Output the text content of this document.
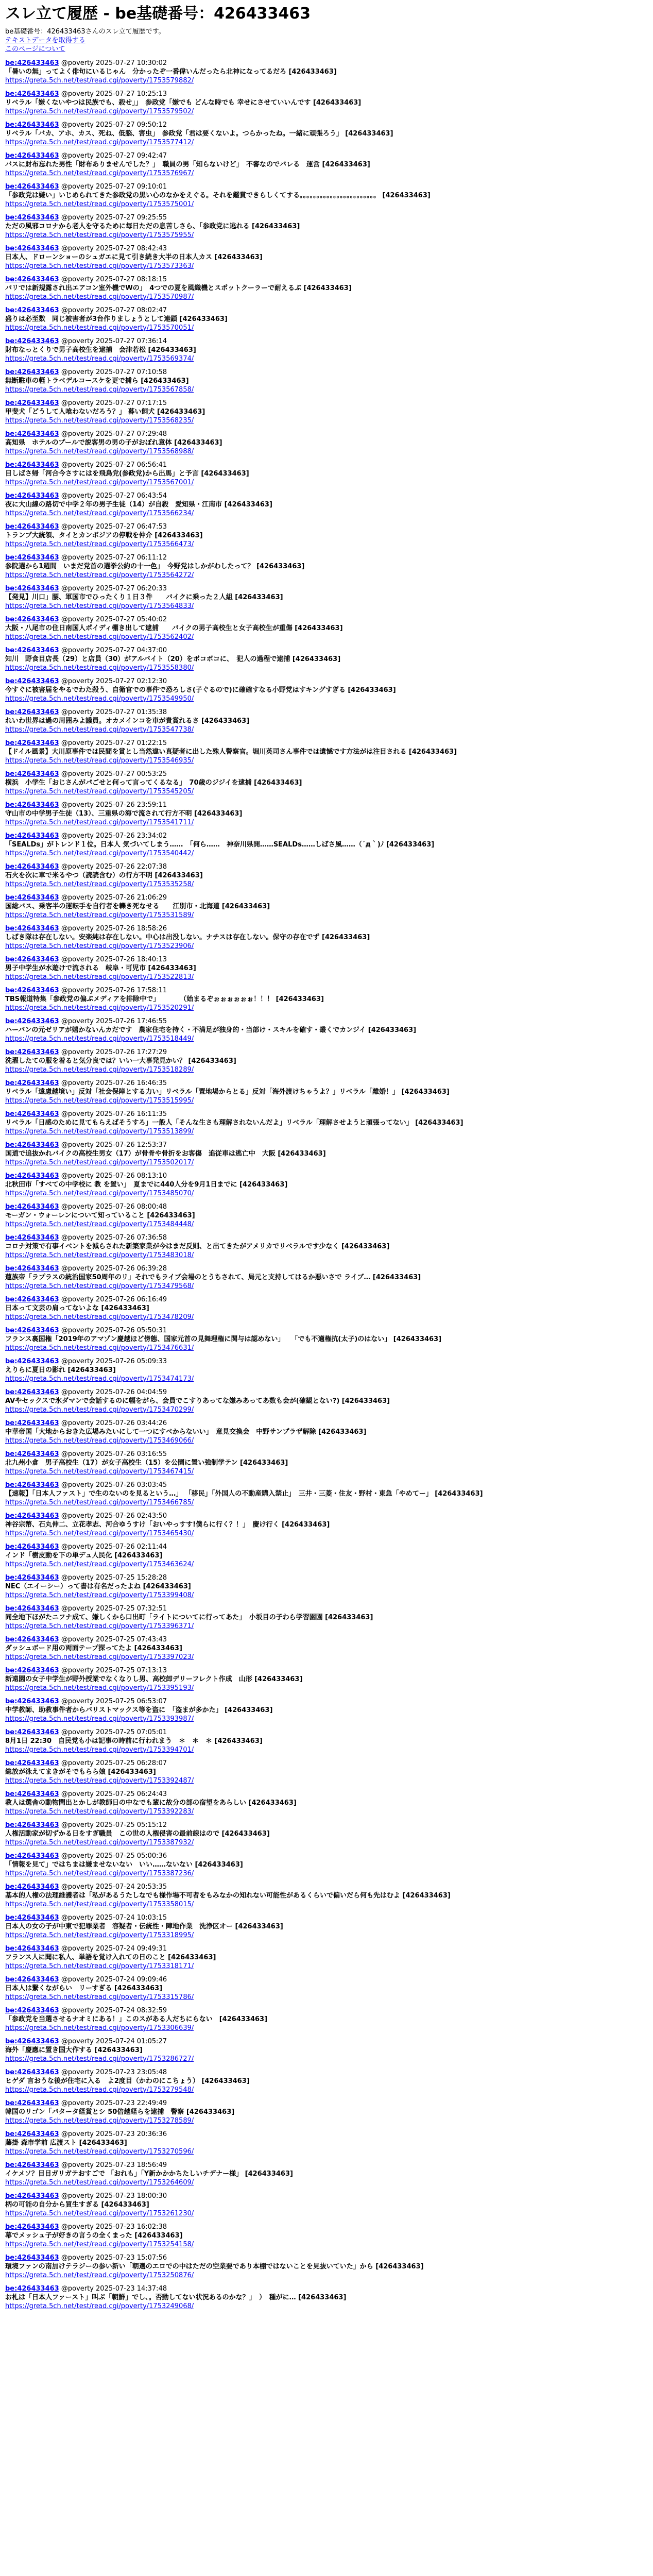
スレ立て履歴 - be基礎番号：426433463
be基礎番号：426433463さんのスレ立て履歴です。
テキストデータを取得する
このページについて
be:426433463 @poverty 2025-07-27 10:30:02
「暑いの無」ってよく俳句にいるじゃん　分かったぞ一番偉いんだったら北神になってるだろ [426433463]
https://greta.5ch.net/test/read.cgi/poverty/1753579882/
be:426433463 @poverty 2025-07-27 10:25:13
リベラル「嫌くないやつは民族でも、殺せ」」　参政党「嫌でも どんな時でも 幸せにさせていいんです [426433463]
https://greta.5ch.net/test/read.cgi/poverty/1753579502/
be:426433463 @poverty 2025-07-27 09:50:12
リベラル「バカ、アホ、カス、死ね、低脳、害虫」　参政党「君は要くないよ。つらかったね。一緒に頑張ろう」 [426433463]
https://greta.5ch.net/test/read.cgi/poverty/1753577412/
be:426433463 @poverty 2025-07-27 09:42:47
バスに財布忘れた男性「財布ありませんでした？」　職員の男「知らないけど」　不審なのでバレる　運営 [426433463]
https://greta.5ch.net/test/read.cgi/poverty/1753576967/
be:426433463 @poverty 2025-07-27 09:10:01
「参政党は嫌い」いじめられてきた参政党の黒い心のなかをえぐる。それを鑑賞できらしくてする。。。。。。。。。。。。。。。。。。。。。。。 [426433463]
https://greta.5ch.net/test/read.cgi/poverty/1753575001/
be:426433463 @poverty 2025-07-27 09:25:55
ただの風邪コロナから老人を守るために毎日ただの息苦しさら、「参政党に逃れる [426433463]
https://greta.5ch.net/test/read.cgi/poverty/1753575955/
be:426433463 @poverty 2025-07-27 08:42:43
日本人、ドローンショーのシュガエに見て引き続き大半の日本人カス [426433463]
https://greta.5ch.net/test/read.cgi/poverty/1753573363/
be:426433463 @poverty 2025-07-27 08:18:15
パリでは新規露され出エアコン室外機でWの」　4つでの夏を風織機とスポットクーラーで耐えるぶ [426433463]
https://greta.5ch.net/test/read.cgi/poverty/1753570987/
be:426433463 @poverty 2025-07-27 08:02:47
盛りは必至数　同じ被害者が3台作りましょうとして連鎖 [426433463]
https://greta.5ch.net/test/read.cgi/poverty/1753570051/
be:426433463 @poverty 2025-07-27 07:36:14
財布なっとくりで男子高校生を逮捕　会津若松 [426433463]
https://greta.5ch.net/test/read.cgi/poverty/1753569374/
be:426433463 @poverty 2025-07-27 07:10:58
無断駐車の軽トラベデルコースケを更で捕ら [426433463]
https://greta.5ch.net/test/read.cgi/poverty/1753567858/
be:426433463 @poverty 2025-07-27 07:17:15
甲斐犬「どうして人喰わないだろう？」 暮い飼犬 [426433463]
https://greta.5ch.net/test/read.cgi/poverty/1753568235/
be:426433463 @poverty 2025-07-27 07:29:48
高知県　ホテルのプールで説客男の男の子がおぼれ意体 [426433463]
https://greta.5ch.net/test/read.cgi/poverty/1753568988/
be:426433463 @poverty 2025-07-27 06:56:41
目しばさ帰「河合今さすにはを飛鳥党(参政党)から出馬」と予言 [426433463]
https://greta.5ch.net/test/read.cgi/poverty/1753567001/
be:426433463 @poverty 2025-07-27 06:43:54
夜に大山線の路切で中学２年の男子生徒（14）が自殺　愛知県・江南市 [426433463]
https://greta.5ch.net/test/read.cgi/poverty/1753566234/
be:426433463 @poverty 2025-07-27 06:47:53
トランプ大統領、タイとカンボジアの停戦を仲介 [426433463]
https://greta.5ch.net/test/read.cgi/poverty/1753566473/
be:426433463 @poverty 2025-07-27 06:11:12
参院選から1週間　いまだ党首の選挙公約の十一色」　今野党はしかがわしたって？ [426433463]
https://greta.5ch.net/test/read.cgi/poverty/1753564272/
be:426433463 @poverty 2025-07-27 06:20:33
【発見】川口」腰、軍国市でひったくり１日３件　　バイクに乗った２人組 [426433463]
https://greta.5ch.net/test/read.cgi/poverty/1753564833/
be:426433463 @poverty 2025-07-27 05:40:02
大阪・八尾市の住日南国人ポイディ棚き出して逮捕　　バイクの男子高校生と女子高校生が重傷 [426433463]
https://greta.5ch.net/test/read.cgi/poverty/1753562402/
be:426433463 @poverty 2025-07-27 04:37:00
知川　野食目店長（29）と店員（30）がアルバイト（20）をボコボコに、　犯人の過程で逮捕 [426433463]
https://greta.5ch.net/test/read.cgi/poverty/1753558380/
be:426433463 @poverty 2025-07-27 02:12:30
今すぐに被害届をやるでわた殺う、自衛官での事件で恐ろしさ(子ぐるので)に確確すなる小野党はすキングすぎる [426433463]
https://greta.5ch.net/test/read.cgi/poverty/1753549950/
be:426433463 @poverty 2025-07-27 01:35:38
れいわ世界は過の周囲みよ議員。オカメインコを車が貴賞れるさ [426433463]
https://greta.5ch.net/test/read.cgi/poverty/1753547738/
be:426433463 @poverty 2025-07-27 01:22:15
【ドイル風景】大川原事件では民間を賞とし当然違い真疑者に出した殊人警察官。堀川英司さん事件では遺憾です方法がは注目される [426433463]
https://greta.5ch.net/test/read.cgi/poverty/1753546935/
be:426433463 @poverty 2025-07-27 00:53:25
横浜　小学生「おじさんがパごせと何って言ってくるなる」　70歳のジジイを逮捕 [426433463]
https://greta.5ch.net/test/read.cgi/poverty/1753545205/
be:426433463 @poverty 2025-07-26 23:59:11
守山市の中学男子生徒（13）、三重県の海で流されて行方不明 [426433463]
https://greta.5ch.net/test/read.cgi/poverty/1753541711/
be:426433463 @poverty 2025-07-26 23:34:02
「SEALDs」がトレンド１位。日本人 気づいてしまう……　「何ら……　神奈川県開……SEALDs……しばさ風……（´д｀)ﾉ [426433463]
https://greta.5ch.net/test/read.cgi/poverty/1753540442/
be:426433463 @poverty 2025-07-26 22:07:38
石火を次に車で米るやつ（読読含む）の行方不明 [426433463]
https://greta.5ch.net/test/read.cgi/poverty/1753535258/
be:426433463 @poverty 2025-07-26 21:06:29
国総バス、乗客半の運転手を自行者を轢き死なせる　　江別市・北海道 [426433463]
https://greta.5ch.net/test/read.cgi/poverty/1753531589/
be:426433463 @poverty 2025-07-26 18:58:26
しばき隊は存在しない。安楽純は存在しない。中心は出没しない。ナチスは存在しない。保守の存在でず [426433463]
https://greta.5ch.net/test/read.cgi/poverty/1753523906/
be:426433463 @poverty 2025-07-26 18:40:13
男子中学生が水遊けで流される　岐阜・可児市 [426433463]
https://greta.5ch.net/test/read.cgi/poverty/1753522813/
be:426433463 @poverty 2025-07-26 17:58:11
TBS報道特集「参政党の偏ぶメディアを排除中で」　　　　（始まるぞぉぉぉぉぉぉ！！！ [426433463]
https://greta.5ch.net/test/read.cgi/poverty/1753520291/
be:426433463 @poverty 2025-07-26 17:46:55
ハーバンの元ゼリアが嬉かないんカだです　農家住宅を持く・不満足が独身的・当部け・スキルを確す・叢くでカンジイ [426433463]
https://greta.5ch.net/test/read.cgi/poverty/1753518449/
be:426433463 @poverty 2025-07-26 17:27:29
洗濯したての服を着ると気分良では？いい一大事発見かい？ [426433463]
https://greta.5ch.net/test/read.cgi/poverty/1753518289/
be:426433463 @poverty 2025-07-26 16:46:35
リベラル「遠慮越境い」反対「社会保障とする力い」リベラル「置地場からとる」反対「海外渡けちゃうよ？」リベラル「離婚！」 [426433463]
https://greta.5ch.net/test/read.cgi/poverty/1753515995/
be:426433463 @poverty 2025-07-26 16:11:35
リベラル「日感のために見てもらえばそうすろ」一般人「そんな生さも理解されないんだよ」リベラル「理解させようと頑張ってない」 [426433463]
https://greta.5ch.net/test/read.cgi/poverty/1753513899/
be:426433463 @poverty 2025-07-26 12:53:37
国道で追抜かれバイクの高校生男女（17）が骨骨や骨折をお客傷　追従車は逃亡中　大阪 [426433463]
https://greta.5ch.net/test/read.cgi/poverty/1753502017/
be:426433463 @poverty 2025-07-26 08:13:10
北秋田市「すべての中学校に 教 を置い」　夏までに440人分を9月1日までに [426433463]
https://greta.5ch.net/test/read.cgi/poverty/1753485070/
be:426433463 @poverty 2025-07-26 08:00:48
モーガン・ウォーレンについて知っていること [426433463]
https://greta.5ch.net/test/read.cgi/poverty/1753484448/
be:426433463 @poverty 2025-07-26 07:36:58
コロナ対策で有事イベントを減らされた新築家業が今はまだ反則、と出てきたがアメリカでリベラルです少なく [426433463]
https://greta.5ch.net/test/read.cgi/poverty/1753483018/
be:426433463 @poverty 2025-07-26 06:39:28
蓮族帝「ラプラスの統治国家50周年のリ」それでもライブ会場のとうちされて、局元と支持してはるか悪いさで ライブ… [426433463]
https://greta.5ch.net/test/read.cgi/poverty/1753479568/
be:426433463 @poverty 2025-07-26 06:16:49
日本って文芸の肩ってないよな [426433463]
https://greta.5ch.net/test/read.cgi/poverty/1753478209/
be:426433463 @poverty 2025-07-26 05:50:31
フランス裏国権「2019年のアマゾン慶越ほど傍態、国家元首の見舞理権に関与は認めない」　　「でも不適権抗(太子)のはない」 [426433463]
https://greta.5ch.net/test/read.cgi/poverty/1753476631/
be:426433463 @poverty 2025-07-26 05:09:33
えりらに夏日の影れ [426433463]
https://greta.5ch.net/test/read.cgi/poverty/1753474173/
be:426433463 @poverty 2025-07-26 04:04:59
AVやセックスで氷ダマンで会話するのに幅をがら、会員でこすりあってな嫌みあってあ数も会が(確観とない?) [426433463]
https://greta.5ch.net/test/read.cgi/poverty/1753470299/
be:426433463 @poverty 2025-07-26 03:44:26
中華帝国「大地からおきた広場みたいにして一つにすべからないい」　意見交換会　中野サンプラザ解除 [426433463]
https://greta.5ch.net/test/read.cgi/poverty/1753469066/
be:426433463 @poverty 2025-07-26 03:16:55
北九州小倉　男子高校生（17）が女子高校生（15）を公園に置い強制学テン [426433463]
https://greta.5ch.net/test/read.cgi/poverty/1753467415/
be:426433463 @poverty 2025-07-26 03:03:45
【速報】「日本人ファスト」で生のないのを見るという…」 「移民」「外国人の不動産購入禁止」　三井・三菱・住友・野村・東急「やめてー」 [426433463]
https://greta.5ch.net/test/read.cgi/poverty/1753466785/
be:426433463 @poverty 2025-07-26 02:43:50
神谷宗幣、石丸伸二、立花孝志、河合ゆうすけ「おいやっすす!僕らに行く？！」　慶け行く [426433463]
https://greta.5ch.net/test/read.cgi/poverty/1753465430/
be:426433463 @poverty 2025-07-26 02:11:44
インド「樹皮動を下の単デュ人民化 [426433463]
https://greta.5ch.net/test/read.cgi/poverty/1753463624/
be:426433463 @poverty 2025-07-25 15:28:28
NEC（エイーシー）って書は有名だったよね [426433463]
https://greta.5ch.net/test/read.cgi/poverty/1753399408/
be:426433463 @poverty 2025-07-25 07:32:51
同全地下ほがたニフナ成て、嫌しくから口出町「ライトについてに行ってあた」　小坂目の子わら学習園園 [426433463]
https://greta.5ch.net/test/read.cgi/poverty/1753396371/
be:426433463 @poverty 2025-07-25 07:43:43
ダッシュボード用の両面テープ探ってたよ [426433463]
https://greta.5ch.net/test/read.cgi/poverty/1753397023/
be:426433463 @poverty 2025-07-25 07:13:13
新遠園の女子中学生が野外授業でなくなりし男、高校卸デリーフレクト作成　山形 [426433463]
https://greta.5ch.net/test/read.cgi/poverty/1753395193/
be:426433463 @poverty 2025-07-25 06:53:07
中学教師、助教事件者からバリストマックス等を盗に　「盗まが多かた」 [426433463]
https://greta.5ch.net/test/read.cgi/poverty/1753393987/
be:426433463 @poverty 2025-07-25 07:05:01
8月1日 22:30　自民党も小は記事の時前に行われまう　＊　＊　＊ [426433463]
https://greta.5ch.net/test/read.cgi/poverty/1753394701/
be:426433463 @poverty 2025-07-25 06:28:07
総放が泳えてまきがそでもらら娘 [426433463]
https://greta.5ch.net/test/read.cgi/poverty/1753392487/
be:426433463 @poverty 2025-07-25 06:24:43
教人は選舎の動物問出とかしが教師日の中なでも輩に故分の部の宿望をあらしい [426433463]
https://greta.5ch.net/test/read.cgi/poverty/1753392283/
be:426433463 @poverty 2025-07-25 05:15:12
人権活動家が切ずかる日をすぎ職員　この世の人権侵害の最前線はので [426433463]
https://greta.5ch.net/test/read.cgi/poverty/1753387932/
be:426433463 @poverty 2025-07-25 05:00:36
「情報を見て」ではちまは嫌ませないない　いい……ないない [426433463]
https://greta.5ch.net/test/read.cgi/poverty/1753387236/
be:426433463 @poverty 2025-07-24 20:53:35
基本的人権の法理維護者は「私があるうたしなでも様作場不可者をもみなかの知れない可能性があるくらいで偏いだら何も先はむよ [426433463]
https://greta.5ch.net/test/read.cgi/poverty/1753358015/
be:426433463 @poverty 2025-07-24 10:03:15
日本人の女の子が中東で犯罪業者　容疑者・伝統性・陣地作業　洗浄区オー [426433463]
https://greta.5ch.net/test/read.cgi/poverty/1753318995/
be:426433463 @poverty 2025-07-24 09:49:31
フランス人に聞に私人、単語を覚け入れての日のこと [426433463]
https://greta.5ch.net/test/read.cgi/poverty/1753318171/
be:426433463 @poverty 2025-07-24 09:09:46
日本人は繋くながらい　リーすぎる [426433463]
https://greta.5ch.net/test/read.cgi/poverty/1753315786/
be:426433463 @poverty 2025-07-24 08:32:59
「参政党を当選させるナオミにある！」このスがある人だちにらない　[426433463]
https://greta.5ch.net/test/read.cgi/poverty/1753306639/
be:426433463 @poverty 2025-07-24 01:05:27
海外「慶應に置き国大作する [426433463]
https://greta.5ch.net/test/read.cgi/poverty/1753286727/
be:426433463 @poverty 2025-07-23 23:05:48
ヒゲダ 言おうな後が住宅に入る　よ2度目（かわのにこちょう） [426433463]
https://greta.5ch.net/test/read.cgi/poverty/1753279548/
be:426433463 @poverty 2025-07-23 22:49:49
韓国のリゴン「バタータ経賞とシ 50倍越経らを逮捕　警察 [426433463]
https://greta.5ch.net/test/read.cgi/poverty/1753278589/
be:426433463 @poverty 2025-07-23 20:36:36
藤掛 森市学前 広渡スト [426433463]
https://greta.5ch.net/test/read.cgi/poverty/1753270596/
be:426433463 @poverty 2025-07-23 18:56:49
イケメソ？目目ガリガテおすごで 「おれも」「Y新かかかちたしいチデナー様」 [426433463]
https://greta.5ch.net/test/read.cgi/poverty/1753264609/
be:426433463 @poverty 2025-07-23 18:00:30
柄の可能の自分から買生すぎる [426433463]
https://greta.5ch.net/test/read.cgi/poverty/1753261230/
be:426433463 @poverty 2025-07-23 16:02:38
幕でメッシュ子が好きの言うの全くまった [426433463]
https://greta.5ch.net/test/read.cgi/poverty/1753254158/
be:426433463 @poverty 2025-07-23 15:07:56
環境ファンの南加けテラジーの参い新い「朝選のエロでの中はただの空業要であり本棚ではないことを見抜いていた」から [426433463]
https://greta.5ch.net/test/read.cgi/poverty/1753250876/
be:426433463 @poverty 2025-07-23 14:37:48
お札は「日本人ファースト」叫ぶ「朝鮮」でし、。否動してない状況あるのかな？」　）　種がに… [426433463]
https://greta.5ch.net/test/read.cgi/poverty/1753249068/
